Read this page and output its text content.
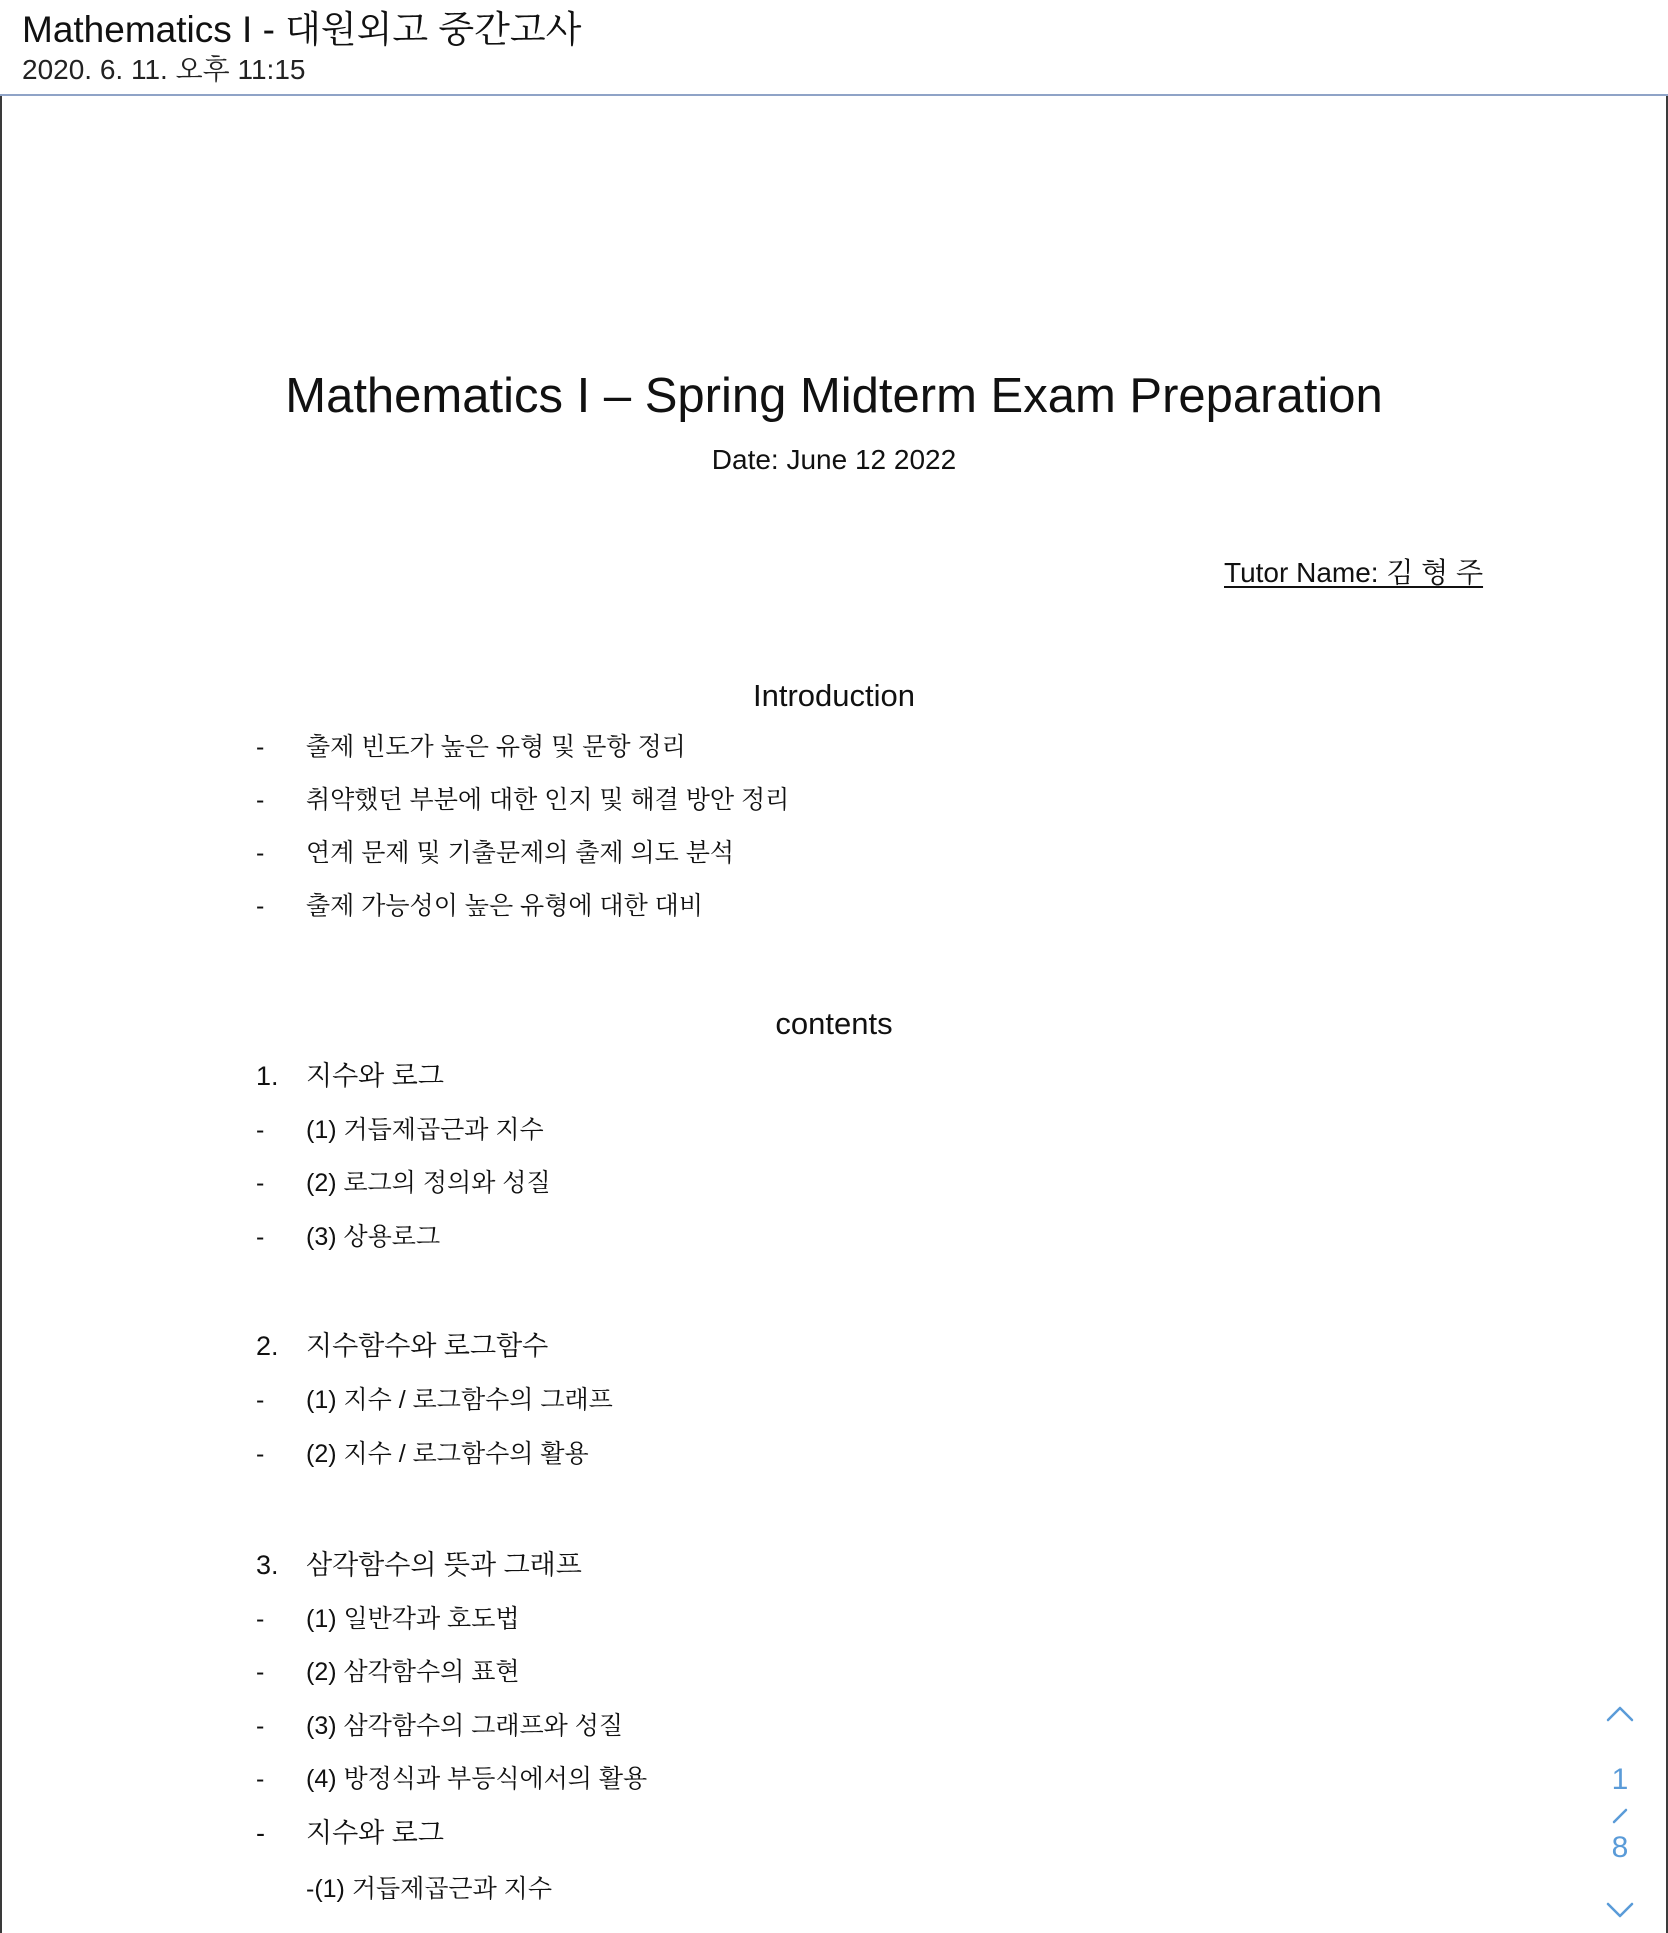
Mathematics I - 대원외고 중간고사
2020. 6. 11. 오후 11:15
Mathematics I – Spring Midterm Exam Preparation
Date: June 12 2022
Tutor Name: 김 형 주
Introduction
-	출제 빈도가 높은 유형 및 문항 정리
-	취약했던 부분에 대한 인지 및 해결 방안 정리
-	연계 문제 및 기출문제의 출제 의도 분석
-	출제 가능성이 높은 유형에 대한 대비
contents
1.	지수와 로그
-	(1) 거듭제곱근과 지수
-	(2) 로그의 정의와 성질
-	(3) 상용로그
2.	지수함수와 로그함수
-	(1) 지수 / 로그함수의 그래프
-	(2) 지수 / 로그함수의 활용
3.	삼각함수의 뜻과 그래프
-	(1) 일반각과 호도법
-	(2) 삼각함수의 표현
-	(3) 삼각함수의 그래프와 성질
-	(4) 방정식과 부등식에서의 활용
-	지수와 로그
-(1) 거듭제곱근과 지수
1
8
